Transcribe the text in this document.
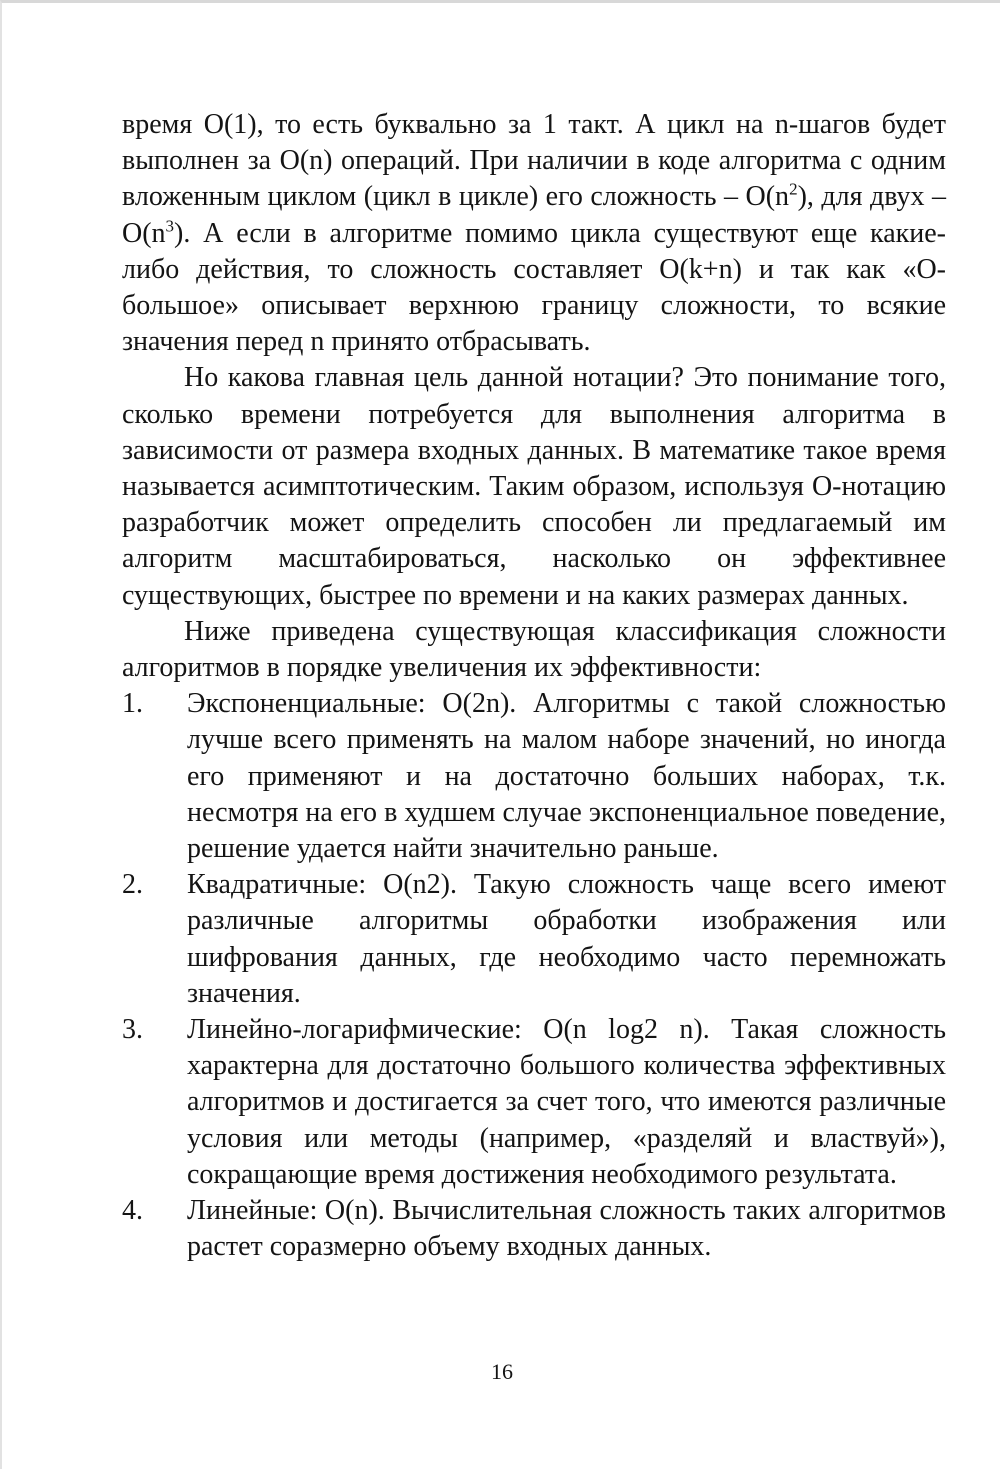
время O(1), то есть буквально за 1 такт. А цикл на n-шагов будет выполнен за O(n) операций. При наличии в коде алгоритма с одним вложенным циклом (цикл в цикле) его сложность – $O(n^2)$, для двух – $O(n^3)$. А если в алгоритме помимо цикла существуют еще какие-либо действия, то сложность составляет O(k+n) и так как «O-большое» описывает верхнюю границу сложности, то всякие значения перед n принято отбрасывать.

Но какова главная цель данной нотации? Это понимание того, сколько времени потребуется для выполнения алгоритма в зависимости от размера входных данных. В математике такое время называется асимптотическим. Таким образом, используя O-нотацию разработчик может определить способен ли предлагаемый им алгоритм масштабироваться, насколько он эффективнее существующих, быстрее по времени и на каких размерах данных.

Ниже приведена существующая классификация сложности алгоритмов в порядке увеличения их эффективности:

1. Экспоненциальные: O(2n). Алгоритмы с такой сложностью лучше всего применять на малом наборе значений, но иногда его применяют и на достаточно больших наборах, т.к. несмотря на его в худшем случае экспоненциальное поведение, решение удается найти значительно раньше.
2. Квадратичные: O(n2). Такую сложность чаще всего имеют различные алгоритмы обработки изображения или шифрования данных, где необходимо часто перемножать значения.
3. Линейно-логарифмические: O(n log2 n). Такая сложность характерна для достаточно большого количества эффективных алгоритмов и достигается за счет того, что имеются различные условия или методы (например, «разделяй и властвуй»), сокращающие время достижения необходимого результата.
4. Линейные: O(n). Вычислительная сложность таких алгоритмов растет соразмерно объему входных данных.
16
